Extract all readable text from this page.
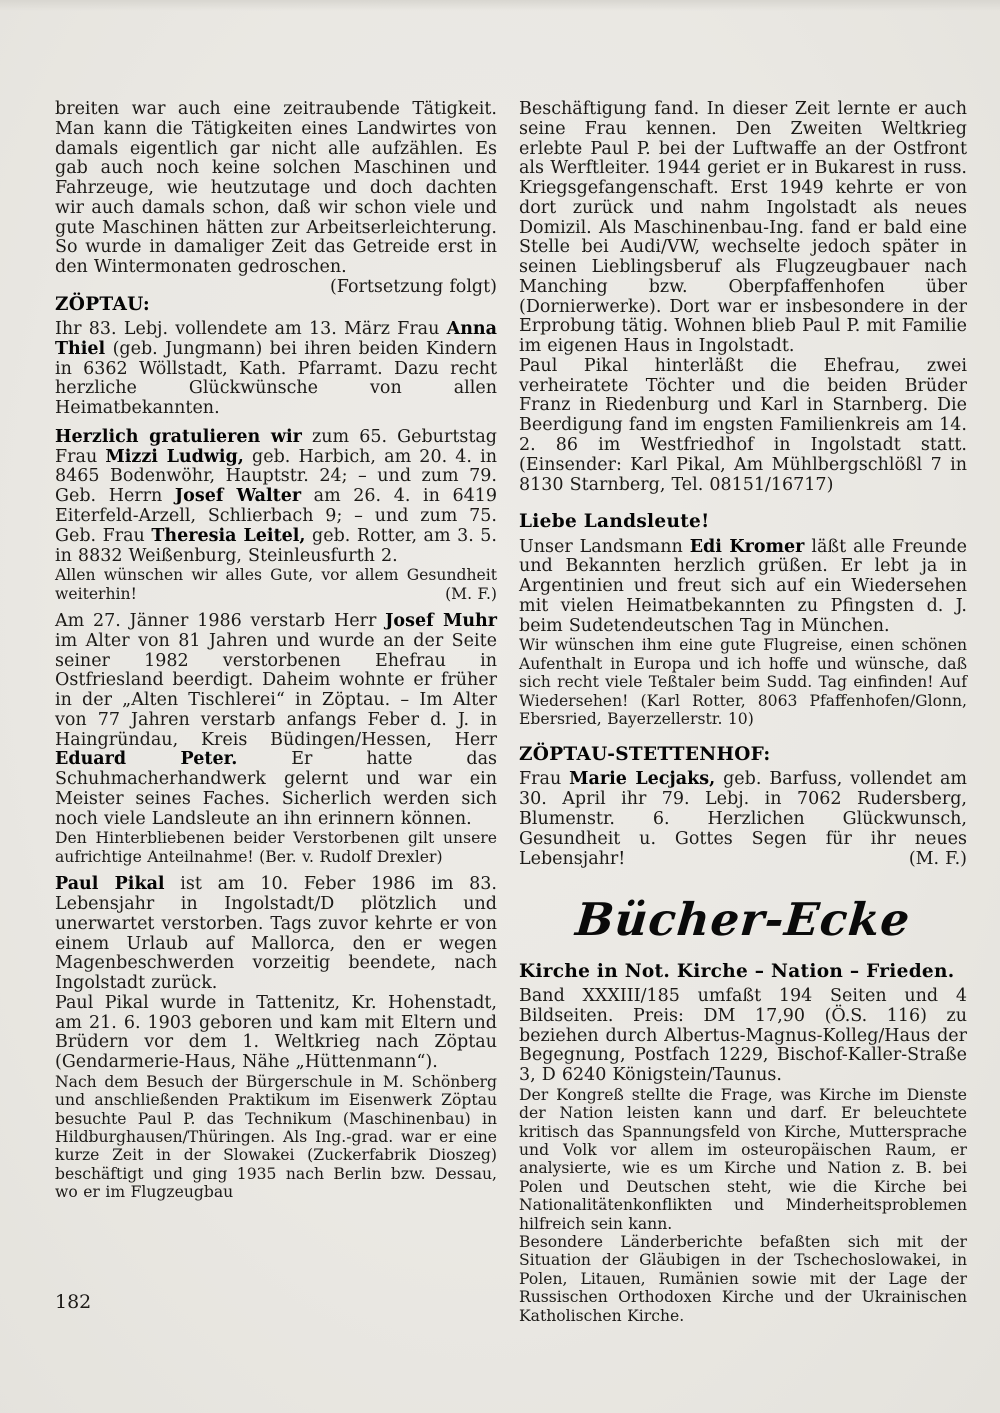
breiten war auch eine zeitraubende Tätigkeit. Man kann die Tätigkeiten eines Landwirtes von damals eigentlich gar nicht alle aufzählen. Es gab auch noch keine solchen Maschinen und Fahrzeuge, wie heutzutage und doch dachten wir auch damals schon, daß wir schon viele und gute Maschinen hätten zur Arbeitserleichterung. So wurde in damaliger Zeit das Getreide erst in den Wintermonaten gedroschen.
(Fortsetzung folgt)

ZÖPTAU:

Ihr 83. Lebj. vollendete am 13. März Frau Anna Thiel (geb. Jungmann) bei ihren beiden Kindern in 6362 Wöllstadt, Kath. Pfarramt. Dazu recht herzliche Glückwünsche von allen Heimatbekannten.

Herzlich gratulieren wir zum 65. Geburtstag Frau Mizzi Ludwig, geb. Harbich, am 20. 4. in 8465 Bodenwöhr, Hauptstr. 24; – und zum 79. Geb. Herrn Josef Walter am 26. 4. in 6419 Eiterfeld-Arzell, Schlierbach 9; – und zum 75. Geb. Frau Theresia Leitel, geb. Rotter, am 3. 5. in 8832 Weißenburg, Steinleusfurth 2.

Allen wünschen wir alles Gute, vor allem Gesundheit weiterhin!	(M. F.)

Am 27. Jänner 1986 verstarb Herr Josef Muhr im Alter von 81 Jahren und wurde an der Seite seiner 1982 verstorbenen Ehefrau in Ostfriesland beerdigt. Daheim wohnte er früher in der „Alten Tischlerei“ in Zöptau. – Im Alter von 77 Jahren verstarb anfangs Feber d. J. in Haingründau, Kreis Büdingen/Hessen, Herr Eduard Peter. Er hatte das Schuhmacherhandwerk gelernt und war ein Meister seines Faches. Sicherlich werden sich noch viele Landsleute an ihn erinnern können.

Den Hinterbliebenen beider Verstorbenen gilt unsere aufrichtige Anteilnahme! (Ber. v. Rudolf Drexler)

Paul Pikal ist am 10. Feber 1986 im 83. Lebensjahr in Ingolstadt/D plötzlich und unerwartet verstorben. Tags zuvor kehrte er von einem Urlaub auf Mallorca, den er wegen Magenbeschwerden vorzeitig beendete, nach Ingolstadt zurück.

Paul Pikal wurde in Tattenitz, Kr. Hohenstadt, am 21. 6. 1903 geboren und kam mit Eltern und Brüdern vor dem 1. Weltkrieg nach Zöptau (Gendarmerie-Haus, Nähe „Hüttenmann“).

Nach dem Besuch der Bürgerschule in M. Schönberg und anschließenden Praktikum im Eisenwerk Zöptau besuchte Paul P. das Technikum (Maschinenbau) in Hildburghausen/Thüringen. Als Ing.-grad. war er eine kurze Zeit in der Slowakei (Zuckerfabrik Dioszeg) beschäftigt und ging 1935 nach Berlin bzw. Dessau, wo er im Flugzeugbau

Beschäftigung fand. In dieser Zeit lernte er auch seine Frau kennen. Den Zweiten Weltkrieg erlebte Paul P. bei der Luftwaffe an der Ostfront als Werftleiter. 1944 geriet er in Bukarest in russ. Kriegsgefangenschaft. Erst 1949 kehrte er von dort zurück und nahm Ingolstadt als neues Domizil. Als Maschinenbau-Ing. fand er bald eine Stelle bei Audi/VW, wechselte jedoch später in seinen Lieblingsberuf als Flugzeugbauer nach Manching bzw. Oberpfaffenhofen über (Dornierwerke). Dort war er insbesondere in der Erprobung tätig. Wohnen blieb Paul P. mit Familie im eigenen Haus in Ingolstadt.

Paul Pikal hinterläßt die Ehefrau, zwei verheiratete Töchter und die beiden Brüder Franz in Riedenburg und Karl in Starnberg. Die Beerdigung fand im engsten Familienkreis am 14. 2. 86 im Westfriedhof in Ingolstadt statt. (Einsender: Karl Pikal, Am Mühlbergschlößl 7 in 8130 Starnberg, Tel. 08151/16717)

Liebe Landsleute!

Unser Landsmann Edi Kromer läßt alle Freunde und Bekannten herzlich grüßen. Er lebt ja in Argentinien und freut sich auf ein Wiedersehen mit vielen Heimatbekannten zu Pfingsten d. J. beim Sudetendeutschen Tag in München.

Wir wünschen ihm eine gute Flugreise, einen schönen Aufenthalt in Europa und ich hoffe und wünsche, daß sich recht viele Teßtaler beim Sudd. Tag einfinden! Auf Wiedersehen! (Karl Rotter, 8063 Pfaffenhofen/Glonn, Ebersried, Bayerzellerstr. 10)

ZÖPTAU-STETTENHOF:

Frau Marie Lecjaks, geb. Barfuss, vollendet am 30. April ihr 79. Lebj. in 7062 Rudersberg, Blumenstr. 6. Herzlichen Glückwunsch, Gesundheit u. Gottes Segen für ihr neues Lebensjahr!	(M. F.)

Bücher-Ecke
Kirche in Not. Kirche – Nation – Frieden.

Band XXXIII/185 umfaßt 194 Seiten und 4 Bildseiten. Preis: DM 17,90 (Ö.S. 116) zu beziehen durch Albertus-Magnus-Kolleg/Haus der Begegnung, Postfach 1229, Bischof-Kaller-Straße 3, D 6240 Königstein/Taunus.

Der Kongreß stellte die Frage, was Kirche im Dienste der Nation leisten kann und darf. Er beleuchtete kritisch das Spannungsfeld von Kirche, Muttersprache und Volk vor allem im osteuropäischen Raum, er analysierte, wie es um Kirche und Nation z. B. bei Polen und Deutschen steht, wie die Kirche bei Nationalitätenkonflikten und Minderheitsproblemen hilfreich sein kann.

Besondere Länderberichte befaßten sich mit der Situation der Gläubigen in der Tschechoslowakei, in Polen, Litauen, Rumänien sowie mit der Lage der Russischen Orthodoxen Kirche und der Ukrainischen Katholischen Kirche.

182
